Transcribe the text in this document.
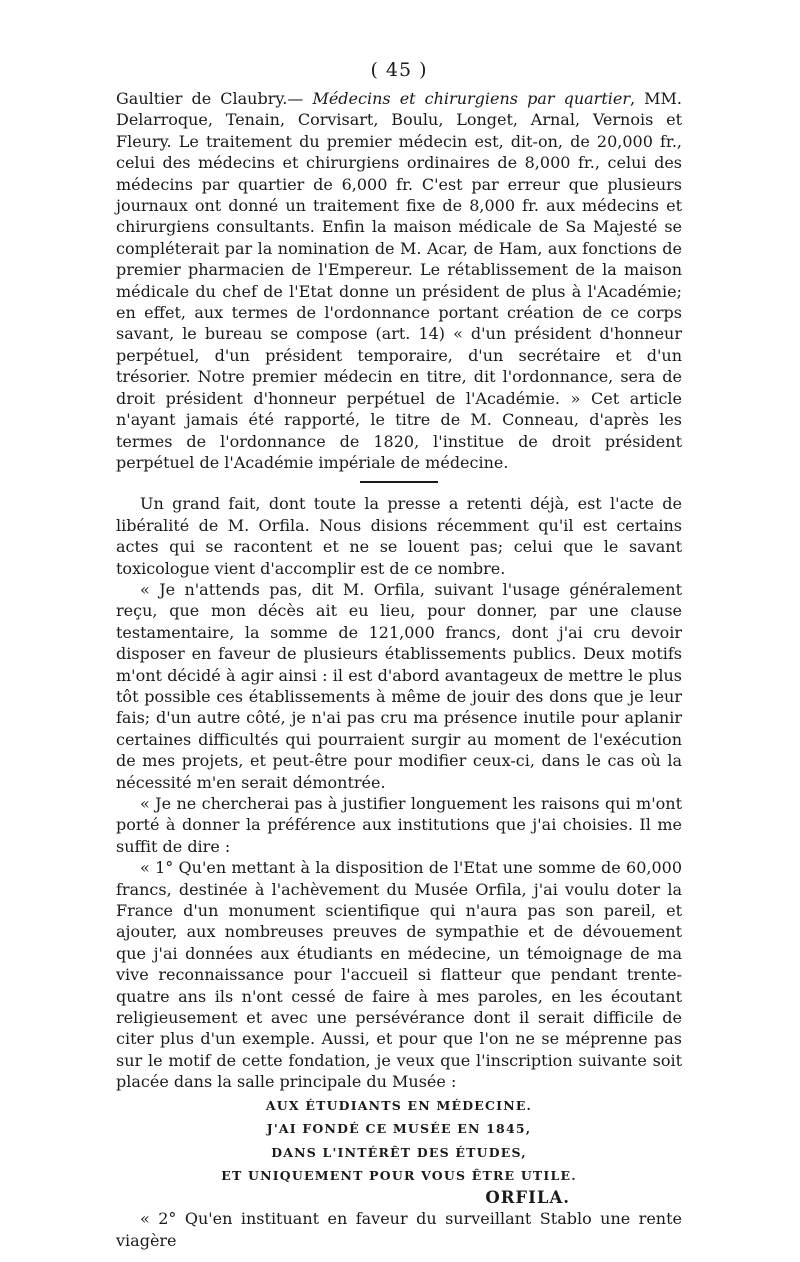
( 45 )

Gaultier de Claubry.— Médecins et chirurgiens par quartier, MM. Delarroque, Tenain, Corvisart, Boulu, Longet, Arnal, Vernois et Fleury. Le traitement du premier médecin est, dit-on, de 20,000 fr., celui des médecins et chirurgiens ordinaires de 8,000 fr., celui des médecins par quartier de 6,000 fr. C'est par erreur que plusieurs journaux ont donné un traitement fixe de 8,000 fr. aux médecins et chirurgiens consultants. Enfin la maison médicale de Sa Majesté se compléterait par la nomination de M. Acar, de Ham, aux fonctions de premier pharmacien de l'Empereur. Le rétablissement de la maison médicale du chef de l'Etat donne un président de plus à l'Académie; en effet, aux termes de l'ordonnance portant création de ce corps savant, le bureau se compose (art. 14) « d'un président d'honneur perpétuel, d'un président temporaire, d'un secrétaire et d'un trésorier. Notre premier médecin en titre, dit l'ordonnance, sera de droit président d'honneur perpétuel de l'Académie. » Cet article n'ayant jamais été rapporté, le titre de M. Conneau, d'après les termes de l'ordonnance de 1820, l'institue de droit président perpétuel de l'Académie impériale de médecine.

Un grand fait, dont toute la presse a retenti déjà, est l'acte de libéralité de M. Orfila. Nous disions récemment qu'il est certains actes qui se racontent et ne se louent pas; celui que le savant toxicologue vient d'accomplir est de ce nombre.

« Je n'attends pas, dit M. Orfila, suivant l'usage généralement reçu, que mon décès ait eu lieu, pour donner, par une clause testamentaire, la somme de 121,000 francs, dont j'ai cru devoir disposer en faveur de plusieurs établissements publics. Deux motifs m'ont décidé à agir ainsi : il est d'abord avantageux de mettre le plus tôt possible ces établissements à même de jouir des dons que je leur fais; d'un autre côté, je n'ai pas cru ma présence inutile pour aplanir certaines difficultés qui pourraient surgir au moment de l'exécution de mes projets, et peut-être pour modifier ceux-ci, dans le cas où la nécessité m'en serait démontrée.

« Je ne chercherai pas à justifier longuement les raisons qui m'ont porté à donner la préférence aux institutions que j'ai choisies. Il me suffit de dire :

« 1° Qu'en mettant à la disposition de l'Etat une somme de 60,000 francs, destinée à l'achèvement du Musée Orfila, j'ai voulu doter la France d'un monument scientifique qui n'aura pas son pareil, et ajouter, aux nombreuses preuves de sympathie et de dévouement que j'ai données aux étudiants en médecine, un témoignage de ma vive reconnaissance pour l'accueil si flatteur que pendant trente-quatre ans ils n'ont cessé de faire à mes paroles, en les écoutant religieusement et avec une persévérance dont il serait difficile de citer plus d'un exemple. Aussi, et pour que l'on ne se méprenne pas sur le motif de cette fondation, je veux que l'inscription suivante soit placée dans la salle principale du Musée :

AUX ÉTUDIANTS EN MÉDECINE.
J'AI FONDÉ CE MUSÉE EN 1845,
DANS L'INTÉRÊT DES ÉTUDES,
ET UNIQUEMENT POUR VOUS ÊTRE UTILE.
ORFILA.

« 2° Qu'en instituant en faveur du surveillant Stablo une rente viagère
